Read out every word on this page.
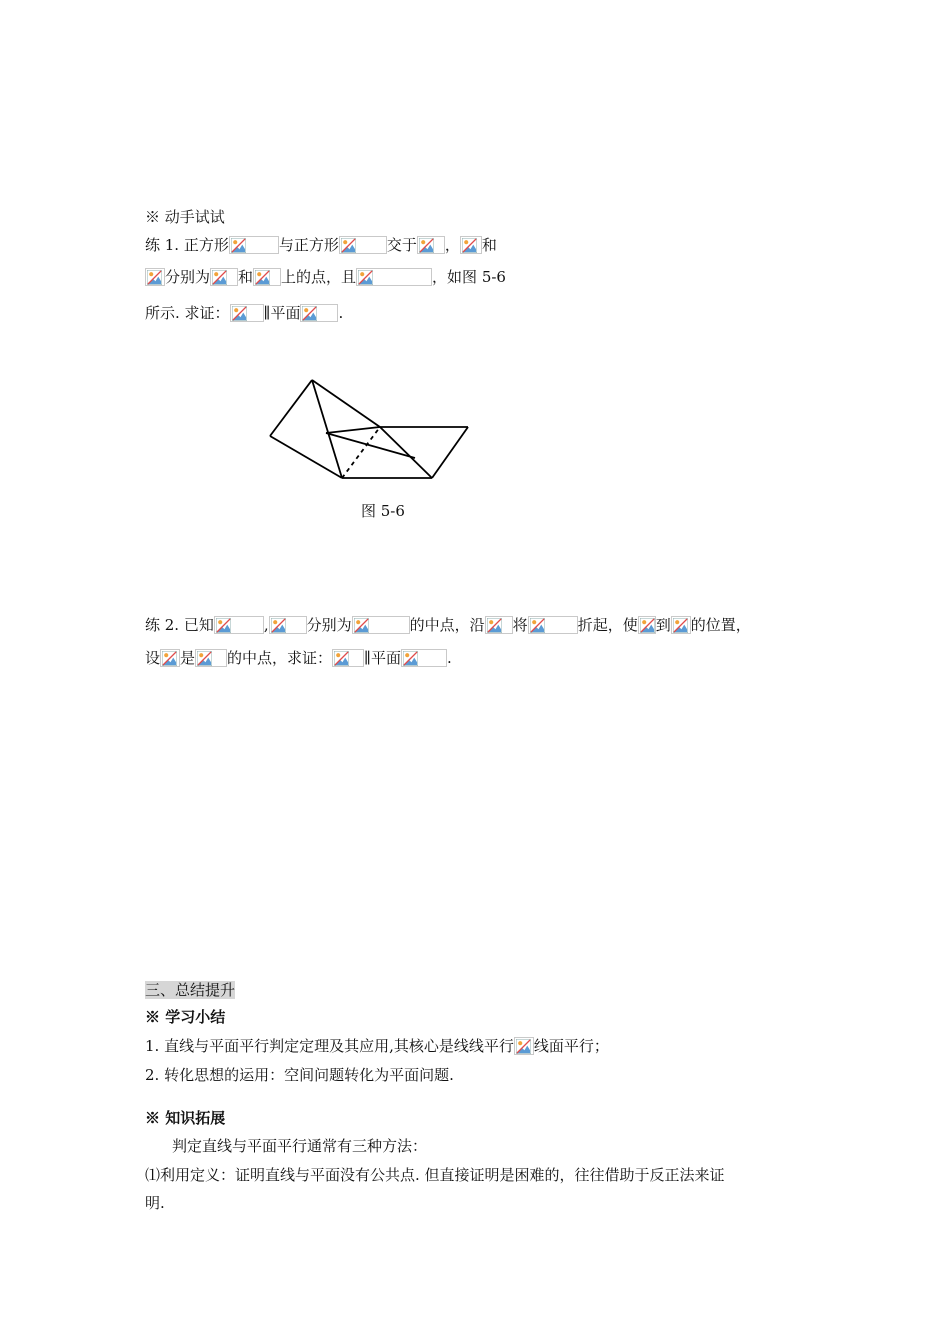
※ 动手试试
练 1. 正方形	与正方形	交于 ， 和
分别为 和 上的点，且	，如图 5-6
所示. 求证： ∥平面	.
图 5-6
练 2. 已知	,	分别为	的中点，沿 将	折起，使 到 的位置，
设 是 的中点，求证： ∥平面	.
三、总结提升
※ 学习小结
1. 直线与平面平行判定定理及其应用,其核心是线线平行 线面平行；
2. 转化思想的运用：空间问题转化为平面问题.
※ 知识拓展
判定直线与平面平行通常有三种方法：
⑴利用定义：证明直线与平面没有公共点. 但直接证明是困难的，往往借助于反正法来证
明.
